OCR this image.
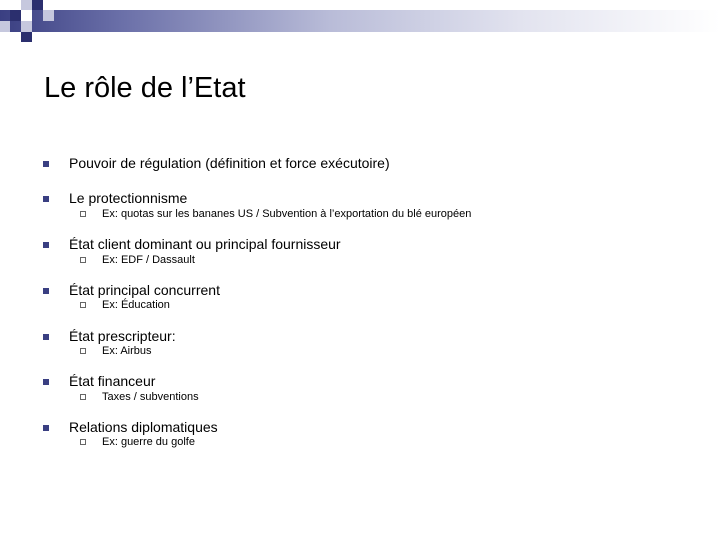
Le rôle de l’Etat
Pouvoir de régulation (définition et force exécutoire)
Le protectionnisme
Ex: quotas sur les bananes US / Subvention à l’exportation du blé européen
État client dominant ou principal fournisseur
Ex: EDF / Dassault
État principal concurrent
Ex: Éducation
État prescripteur:
Ex: Airbus
État financeur
Taxes / subventions
Relations diplomatiques
Ex: guerre du golfe
